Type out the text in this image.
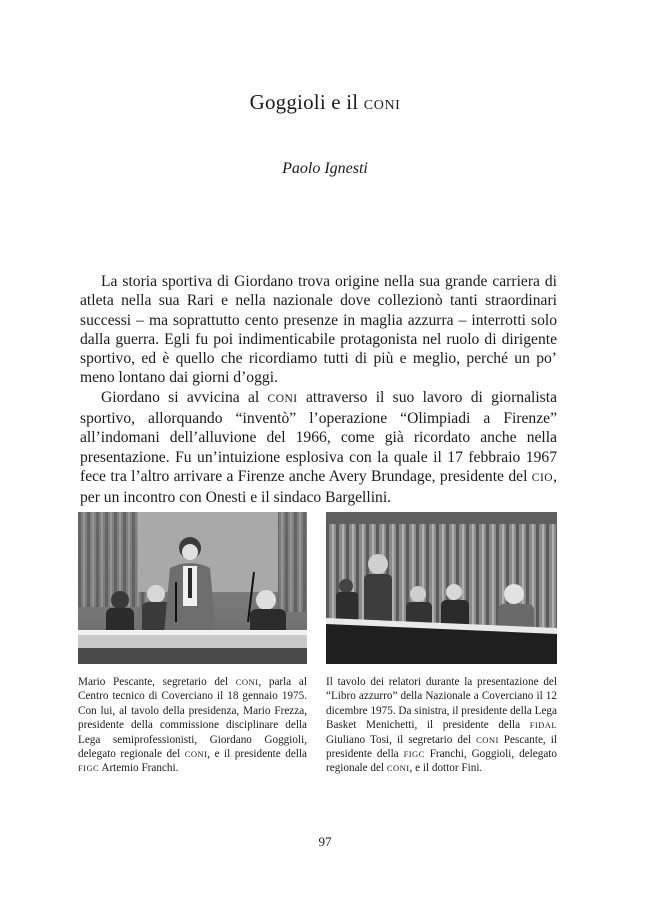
Goggioli e il CONI
Paolo Ignesti

La storia sportiva di Giordano trova origine nella sua grande carriera di atleta nella sua Rari e nella nazionale dove collezionò tanti straordinari successi – ma soprattutto cento presenze in maglia azzurra – interrotti solo dalla guerra. Egli fu poi indimenticabile protagonista nel ruolo di dirigente sportivo, ed è quello che ricordiamo tutti di più e meglio, perché un po’ meno lontano dai giorni d’oggi.

Giordano si avvicina al CONI attraverso il suo lavoro di giornalista sportivo, allorquando “inventò” l’operazione “Olimpiadi a Firenze” all’indomani dell’alluvione del 1966, come già ricordato anche nella presentazione. Fu un’intuizione esplosiva con la quale il 17 febbraio 1967 fece tra l’altro arrivare a Firenze anche Avery Brundage, presidente del CIO, per un incontro con Onesti e il sindaco Bargellini.

Mario Pescante, segretario del CONI, parla al Centro tecnico di Coverciano il 18 gennaio 1975. Con lui, al tavolo della presidenza, Mario Frezza, presidente della commissione disciplinare della Lega semiprofessionisti, Giordano Goggioli, delegato regionale del CONI, e il presidente della FIGC Artemio Franchi.
Il tavolo dei relatori durante la presentazione del “Libro azzurro” della Nazionale a Coverciano il 12 dicembre 1975. Da sinistra, il presidente della Lega Basket Menichetti, il presidente della FIDAL Giuliano Tosi, il segretario del CONI Pescante, il presidente della FIGC Franchi, Goggioli, delegato regionale del CONI, e il dottor Fini.
97
